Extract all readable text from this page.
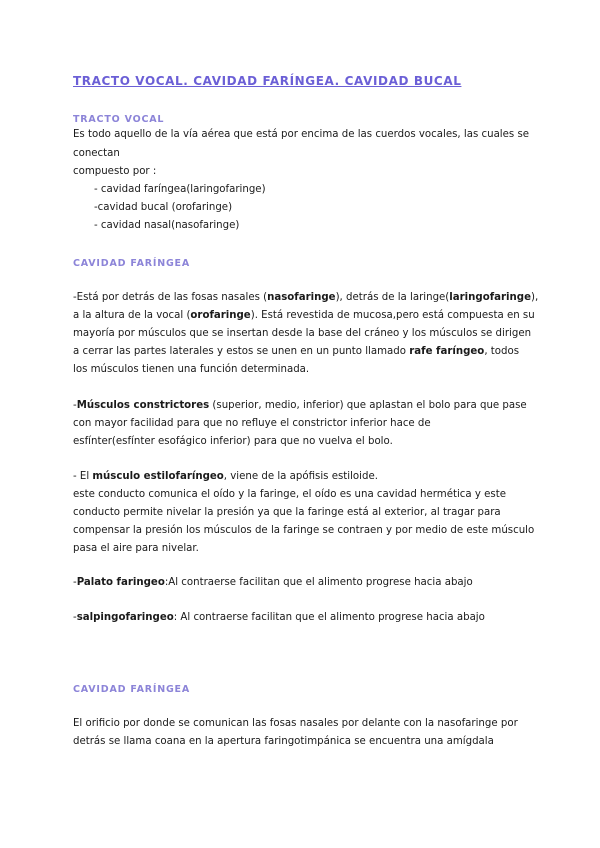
TRACTO VOCAL. CAVIDAD FARÍNGEA. CAVIDAD BUCAL
TRACTO VOCAL
Es todo aquello de la vía aérea que está por encima de las cuerdos vocales, las cuales se
conectan
compuesto por :
- cavidad faríngea(laringofaringe)
-cavidad bucal (orofaringe)
- cavidad nasal(nasofaringe)
CAVIDAD FARÍNGEA
-Está por detrás de las fosas nasales (nasofaringe), detrás de la laringe(laringofaringe),
a la altura de la vocal (orofaringe). Está revestida de mucosa,pero está compuesta en su
mayoría por músculos que se insertan desde la base del cráneo y los músculos se dirigen
a cerrar las partes laterales y estos se unen en un punto llamado rafe faríngeo, todos
los músculos tienen una función determinada.
-Músculos constrictores (superior, medio, inferior) que aplastan el bolo para que pase
con mayor facilidad para que no refluye el constrictor inferior hace de
esfínter(esfínter esofágico inferior) para que no vuelva el bolo.
- El músculo estilofaríngeo, viene de la apófisis estiloide.
este conducto comunica el oído y la faringe, el oído es una cavidad hermética y este
conducto permite nivelar la presión ya que la faringe está al exterior, al tragar para
compensar la presión los músculos de la faringe se contraen y por medio de este músculo
pasa el aire para nivelar.
-Palato faringeo:Al contraerse facilitan que el alimento progrese hacia abajo
-salpingofaringeo: Al contraerse facilitan que el alimento progrese hacia abajo
CAVIDAD FARÍNGEA
El orificio por donde se comunican las fosas nasales por delante con la nasofaringe por
detrás se llama coana en la apertura faringotimpánica se encuentra una amígdala
